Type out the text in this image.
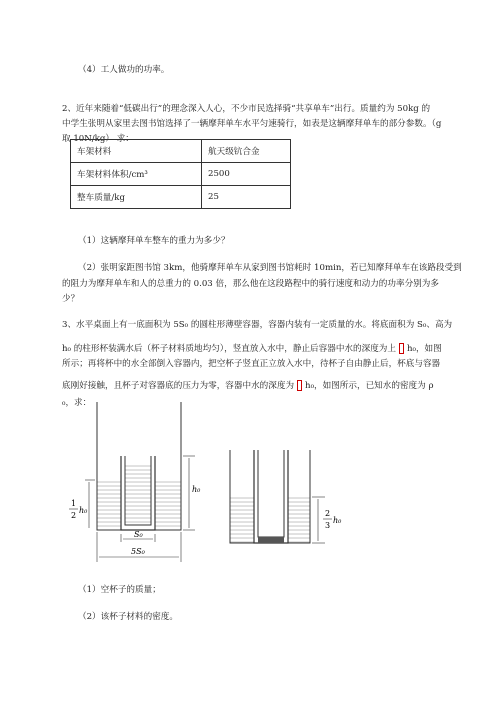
（4）工人做功的功率。
2、近年来随着“低碳出行”的理念深入人心，不少市民选择骑“共享单车”出行。质量约为 50kg 的
中学生张明从家里去图书馆选择了一辆摩拜单车水平匀速骑行，如表是这辆摩拜单车的部分参数。（g
取 10N/kg） 求：
车架材料	航天级钪合金
车架材料体积/cm³	2500
整车质量/kg	25
（1）这辆摩拜单车整车的重力为多少？
（2）张明家距图书馆 3km，他骑摩拜单车从家到图书馆耗时 10min，若已知摩拜单车在该路段受到
的阻力为摩拜单车和人的总重力的 0.03 倍，那么他在这段路程中的骑行速度和动力的功率分别为多
少？
3、水平桌面上有一底面积为 5S₀ 的圆柱形薄壁容器，容器内装有一定质量的水。将底面积为 S₀、高为
h₀ 的柱形杯装满水后（杯子材料质地均匀），竖直放入水中，静止后容器中水的深度为上 h₀，如图
所示；再将杯中的水全部倒入容器内，把空杯子竖直正立放入水中，待杯子自由静止后，杯底与容器
底刚好接触，且杯子对容器底的压力为零，容器中水的深度为 h₀，如图所示，已知水的密度为 ρ
₀，求：
h₀
1
2
h₀
S₀
5S₀
2
3
h₀
（1）空杯子的质量；
（2）该杯子材料的密度。
